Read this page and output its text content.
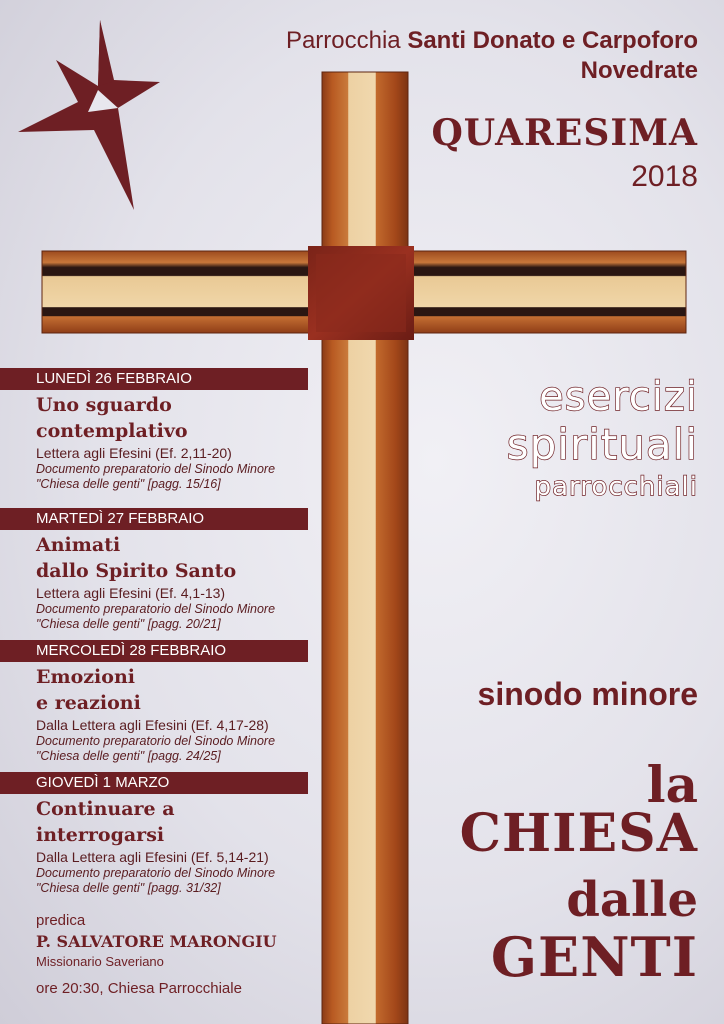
Parrocchia Santi Donato e Carpoforo
Novedrate
QUARESIMA
2018
esercizi
spirituali
parrocchiali
LUNEDÌ 26 FEBBRAIO
Uno sguardo
contemplativo
Lettera agli Efesini (Ef. 2,11-20)
Documento preparatorio del Sinodo Minore
"Chiesa delle genti" [pagg. 15/16]
MARTEDÌ 27 FEBBRAIO
Animati
dallo Spirito Santo
Lettera agli Efesini (Ef. 4,1-13)
Documento preparatorio del Sinodo Minore
"Chiesa delle genti" [pagg. 20/21]
MERCOLEDÌ 28 FEBBRAIO
Emozioni
e reazioni
Dalla Lettera agli Efesini (Ef. 4,17-28)
Documento preparatorio del Sinodo Minore
"Chiesa delle genti" [pagg. 24/25]
GIOVEDÌ 1 MARZO
Continuare a
interrogarsi
Dalla Lettera agli Efesini (Ef. 5,14-21)
Documento preparatorio del Sinodo Minore
"Chiesa delle genti" [pagg. 31/32]
predica
P. SALVATORE MARONGIU
Missionario Saveriano
ore 20:30, Chiesa Parrocchiale
sinodo minore
la
CHIESA
dalle
GENTI
